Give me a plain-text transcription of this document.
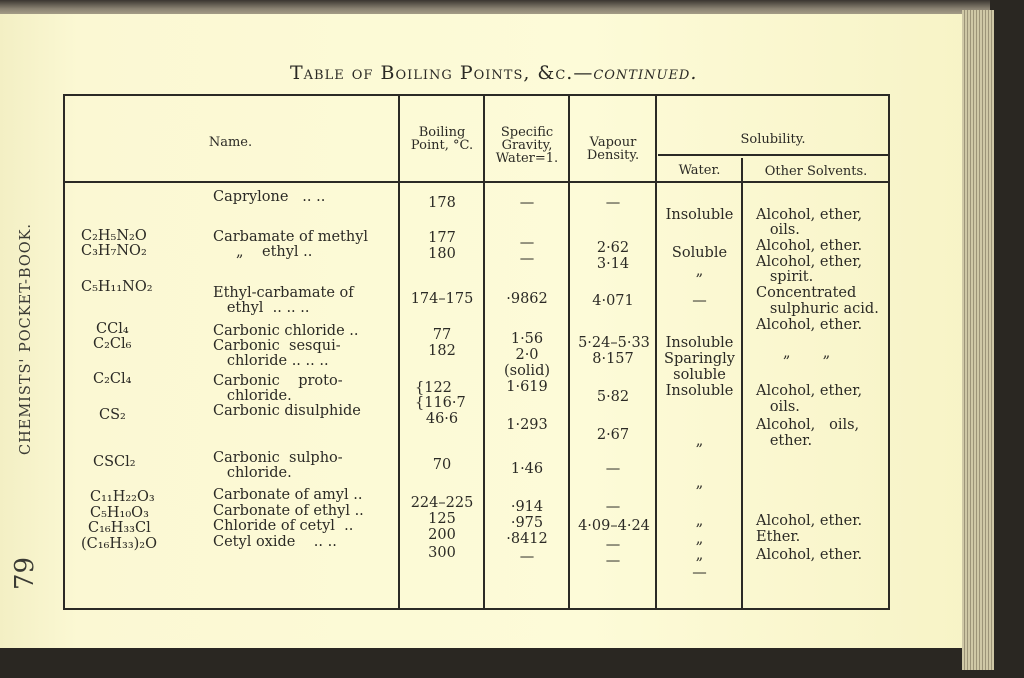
CHEMISTS' POCKET-BOOK.
79
Table of Boiling Points, &c.—continued.
Name.
Boiling Point, °C.
Specific Gravity, Water=1.
Vapour Density.
Solubility.
Water.	Other Solvents.
C₂H₅N₂O
C₃H₇NO₂
C₅H₁₁NO₂
CCl₄
C₂Cl₆
C₂Cl₄
CS₂
CSCl₂
C₁₁H₂₂O₃
C₅H₁₀O₃
C₁₆H₃₃Cl
(C₁₆H₃₃)₂O
Caprylone   .. ..
Carbamate of methyl
„    ethyl ..
Ethyl-carbamate of
ethyl  .. .. ..
Carbonic chloride ..
Carbonic  sesqui-
chloride .. .. ..
Carbonic    proto-
chloride.
Carbonic disulphide
Carbonic  sulpho-
chloride.
Carbonate of amyl ..
Carbonate of ethyl ..
Chloride of cetyl  ..
Cetyl oxide    .. ..
178
177
180
174–175
77
182
{122
{116·7
46·6
70
224–225
125
200
300
—
—
—
·9862
1·56
2·0
(solid)
1·619
1·293
1·46
·914
·975
·8412
—
—
2·62
3·14
4·071
5·24–5·33
8·157
5·82
2·67
—
—
4·09–4·24
—
—
Insoluble
Soluble
„
—
Insoluble
Sparingly
soluble
Insoluble
„
„
„
„
„
—
Alcohol, ether,
oils.
Alcohol, ether.
Alcohol, ether,
spirit.
Concentrated
sulphuric acid.
Alcohol, ether.
„       „
Alcohol, ether,
oils.
Alcohol,   oils,
ether.
Alcohol, ether.
Ether.
Alcohol, ether.
